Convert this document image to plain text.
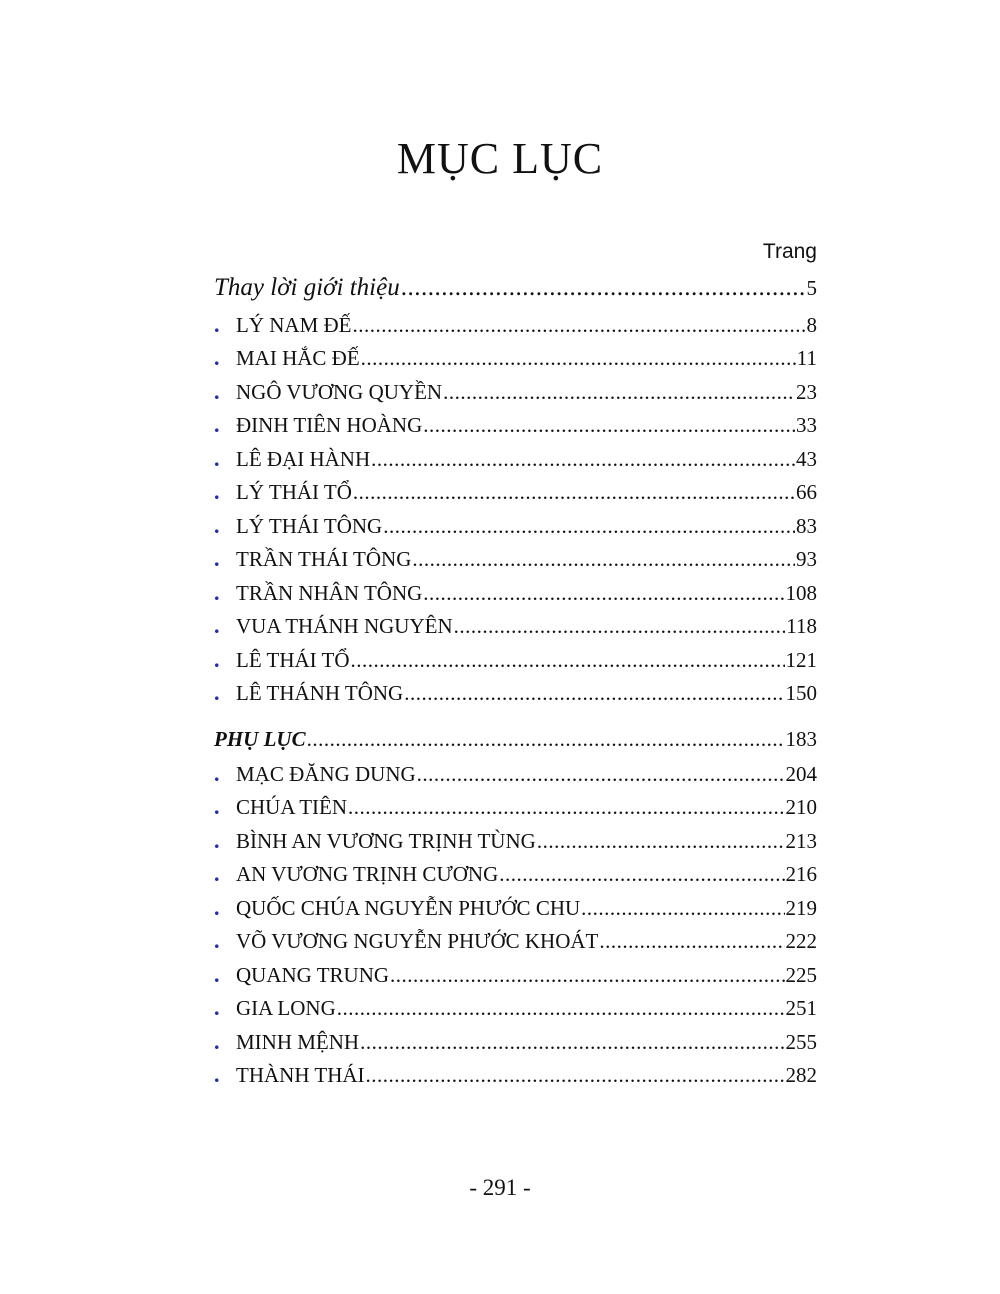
MỤC LỤC
Trang
Thay lời giới thiệu .....	5
. LÝ NAM ĐẾ .....	8
. MAI HẮC ĐẾ .....	11
. NGÔ VƯƠNG QUYỀN .....	23
. ĐINH TIÊN HOÀNG .....	33
. LÊ ĐẠI HÀNH .....	43
. LÝ THÁI TỔ .....	66
. LÝ THÁI TÔNG .....	83
. TRẦN THÁI TÔNG .....	93
. TRẦN NHÂN TÔNG .....	108
. VUA THÁNH NGUYÊN .....	118
. LÊ THÁI TỔ .....	121
. LÊ THÁNH TÔNG .....	150
PHỤ LỤC .....	183
. MẠC ĐĂNG DUNG .....	204
. CHÚA TIÊN .....	210
. BÌNH AN VƯƠNG TRỊNH TÙNG .....	213
. AN VƯƠNG TRỊNH CƯƠNG .....	216
. QUỐC CHÚA NGUYỄN PHƯỚC CHU .....	219
. VÕ VƯƠNG NGUYỄN PHƯỚC KHOÁT .....	222
. QUANG TRUNG .....	225
. GIA LONG .....	251
. MINH MỆNH .....	255
. THÀNH THÁI .....	282
- 291 -
